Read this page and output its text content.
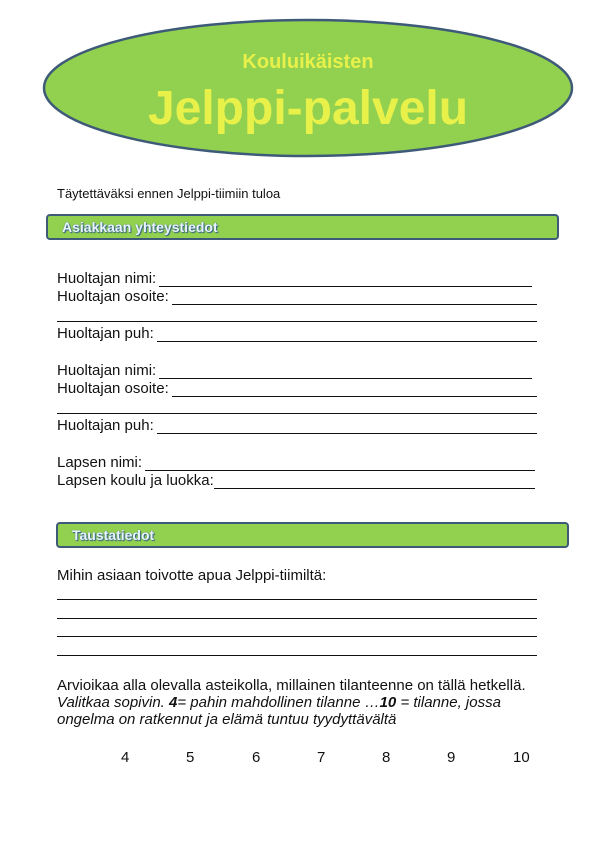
Kouluikäisten
Jelppi-palvelu
Täytettäväksi ennen Jelppi-tiimiin tuloa
Asiakkaan yhteystiedot
Huoltajan nimi:
Huoltajan osoite:
Huoltajan puh:
Huoltajan nimi:
Huoltajan osoite:
Huoltajan puh:
Lapsen nimi:
Lapsen koulu ja luokka:
Taustatiedot
Mihin asiaan toivotte apua Jelppi-tiimiltä:
Arvioikaa alla olevalla asteikolla, millainen tilanteenne on tällä hetkellä. Valitkaa sopivin. 4= pahin mahdollinen tilanne …10 = tilanne, jossa ongelma on ratkennut ja elämä tuntuu tyydyttävältä
4	5	6	7	8	9	10
